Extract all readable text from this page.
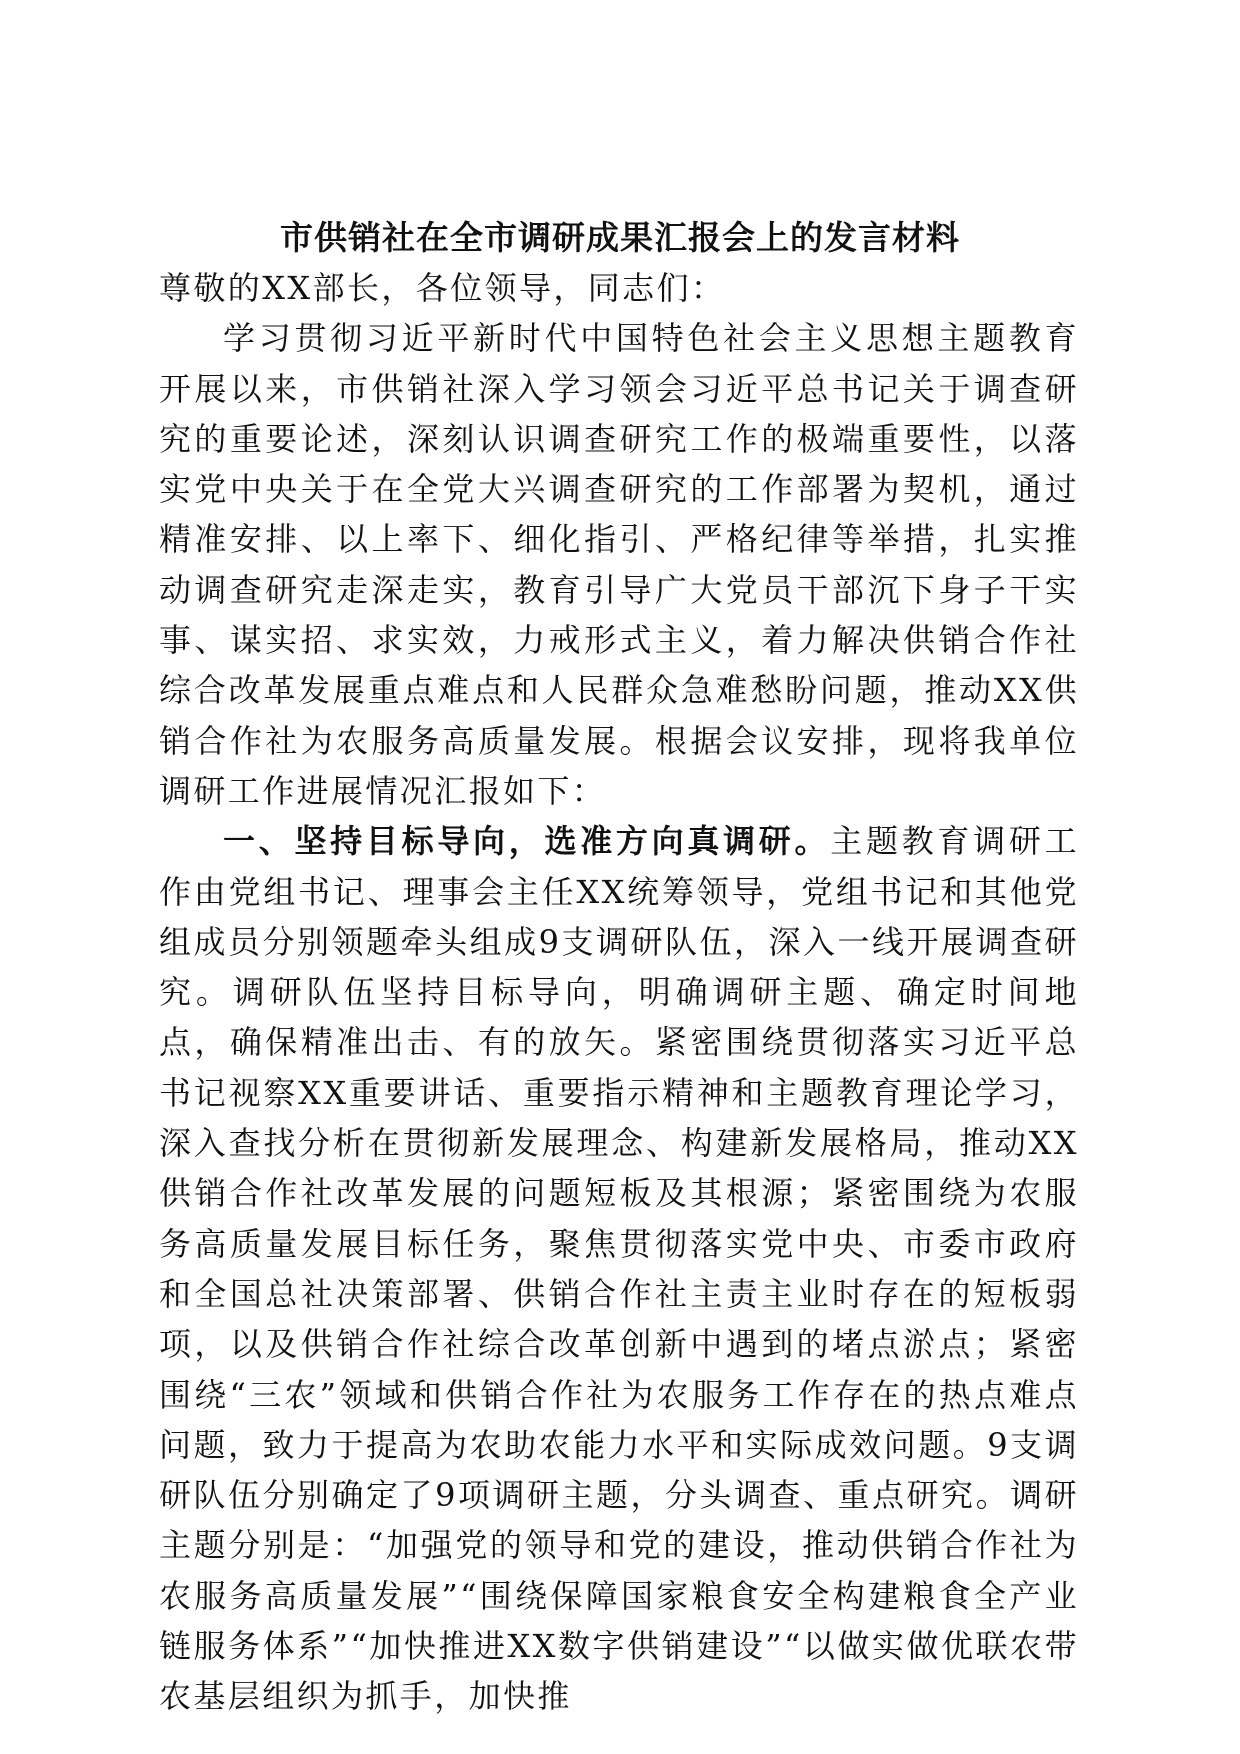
市供销社在全市调研成果汇报会上的发言材料

尊敬的XX部长，各位领导，同志们：

学习贯彻习近平新时代中国特色社会主义思想主题教育开展以来，市供销社深入学习领会习近平总书记关于调查研究的重要论述，深刻认识调查研究工作的极端重要性，以落实党中央关于在全党大兴调查研究的工作部署为契机，通过精准安排、以上率下、细化指引、严格纪律等举措，扎实推动调查研究走深走实，教育引导广大党员干部沉下身子干实事、谋实招、求实效，力戒形式主义，着力解决供销合作社综合改革发展重点难点和人民群众急难愁盼问题，推动XX供销合作社为农服务高质量发展。根据会议安排，现将我单位调研工作进展情况汇报如下：

一、坚持目标导向，选准方向真调研。主题教育调研工作由党组书记、理事会主任XX统筹领导，党组书记和其他党组成员分别领题牵头组成9支调研队伍，深入一线开展调查研究。调研队伍坚持目标导向，明确调研主题、确定时间地点，确保精准出击、有的放矢。紧密围绕贯彻落实习近平总书记视察XX重要讲话、重要指示精神和主题教育理论学习，深入查找分析在贯彻新发展理念、构建新发展格局，推动XX供销合作社改革发展的问题短板及其根源；紧密围绕为农服务高质量发展目标任务，聚焦贯彻落实党中央、市委市政府和全国总社决策部署、供销合作社主责主业时存在的短板弱项，以及供销合作社综合改革创新中遇到的堵点淤点；紧密围绕“三农”领域和供销合作社为农服务工作存在的热点难点问题，致力于提高为农助农能力水平和实际成效问题。9支调研队伍分别确定了9项调研主题，分头调查、重点研究。调研主题分别是：“加强党的领导和党的建设，推动供销合作社为农服务高质量发展”“围绕保障国家粮食安全构建粮食全产业链服务体系”“加快推进XX数字供销建设”“以做实做优联农带农基层组织为抓手，加快推
